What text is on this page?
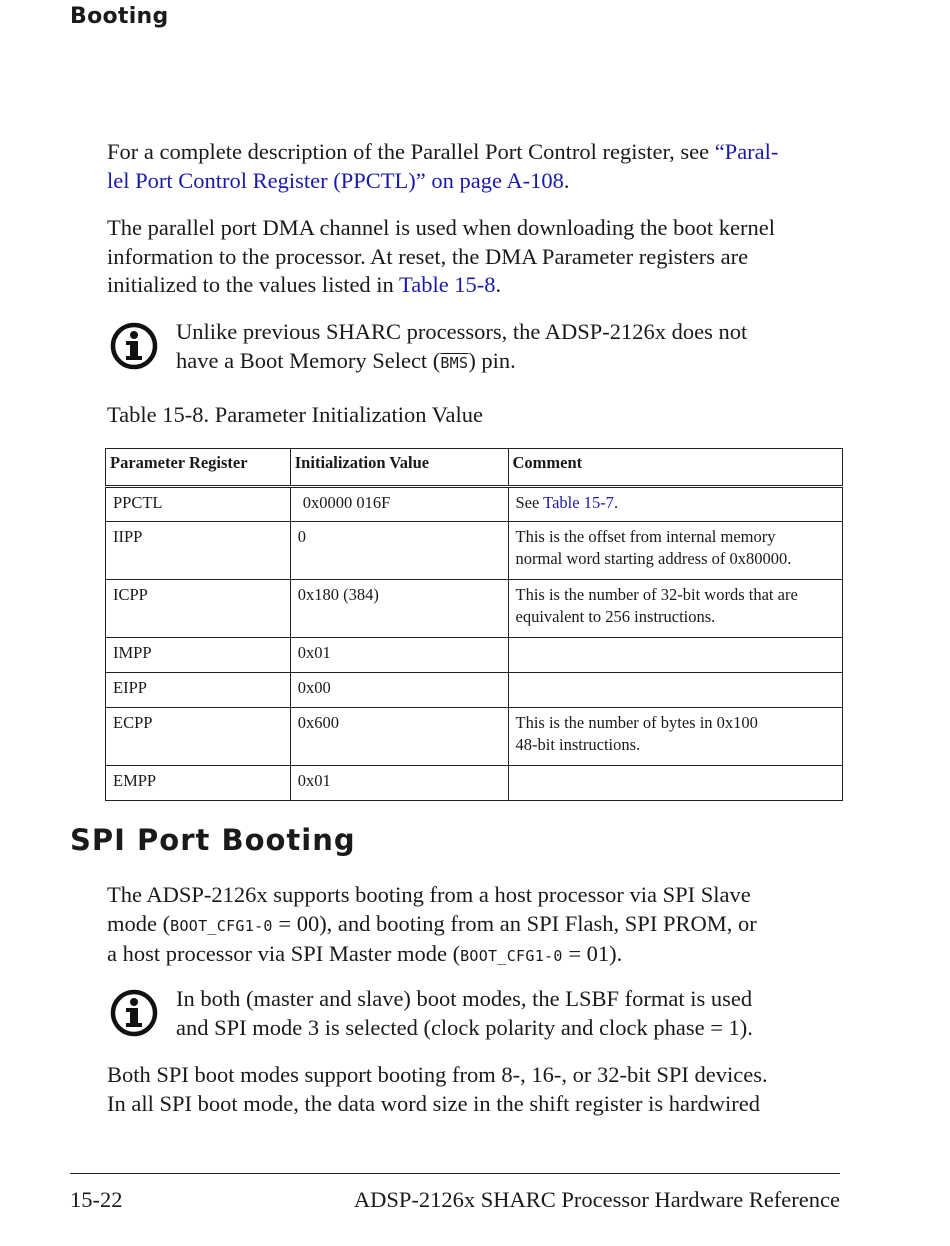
Booting

For a complete description of the Parallel Port Control register, see “Paral-
lel Port Control Register (PPCTL)” on page A-108.

The parallel port DMA channel is used when downloading the boot kernel
information to the processor. At reset, the DMA Parameter registers are
initialized to the values listed in Table 15-8.

Unlike previous SHARC processors, the ADSP-2126x does not
have a Boot Memory Select $(\overline{BMS})$ pin.

Table 15-8. Parameter Initialization Value

Parameter Register	Initialization Value	Comment
PPCTL	0x0000 016F	See Table 15-7.
IIPP	0	This is the offset from internal memory
normal word starting address of 0x80000.
ICPP	0x180 (384)	This is the number of 32-bit words that are
equivalent to 256 instructions.
IMPP	0x01	
EIPP	0x00	
ECPP	0x600	This is the number of bytes in 0x100
48-bit instructions.
EMPP	0x01	
SPI Port Booting

The ADSP-2126x supports booting from a host processor via SPI Slave
mode (BOOT_CFG1-0 = 00), and booting from an SPI Flash, SPI PROM, or
a host processor via SPI Master mode (BOOT_CFG1-0 = 01).

In both (master and slave) boot modes, the LSBF format is used
and SPI mode 3 is selected (clock polarity and clock phase = 1).

Both SPI boot modes support booting from 8-, 16-, or 32-bit SPI devices.
In all SPI boot mode, the data word size in the shift register is hardwired

15-22	ADSP-2126x SHARC Processor Hardware Reference
